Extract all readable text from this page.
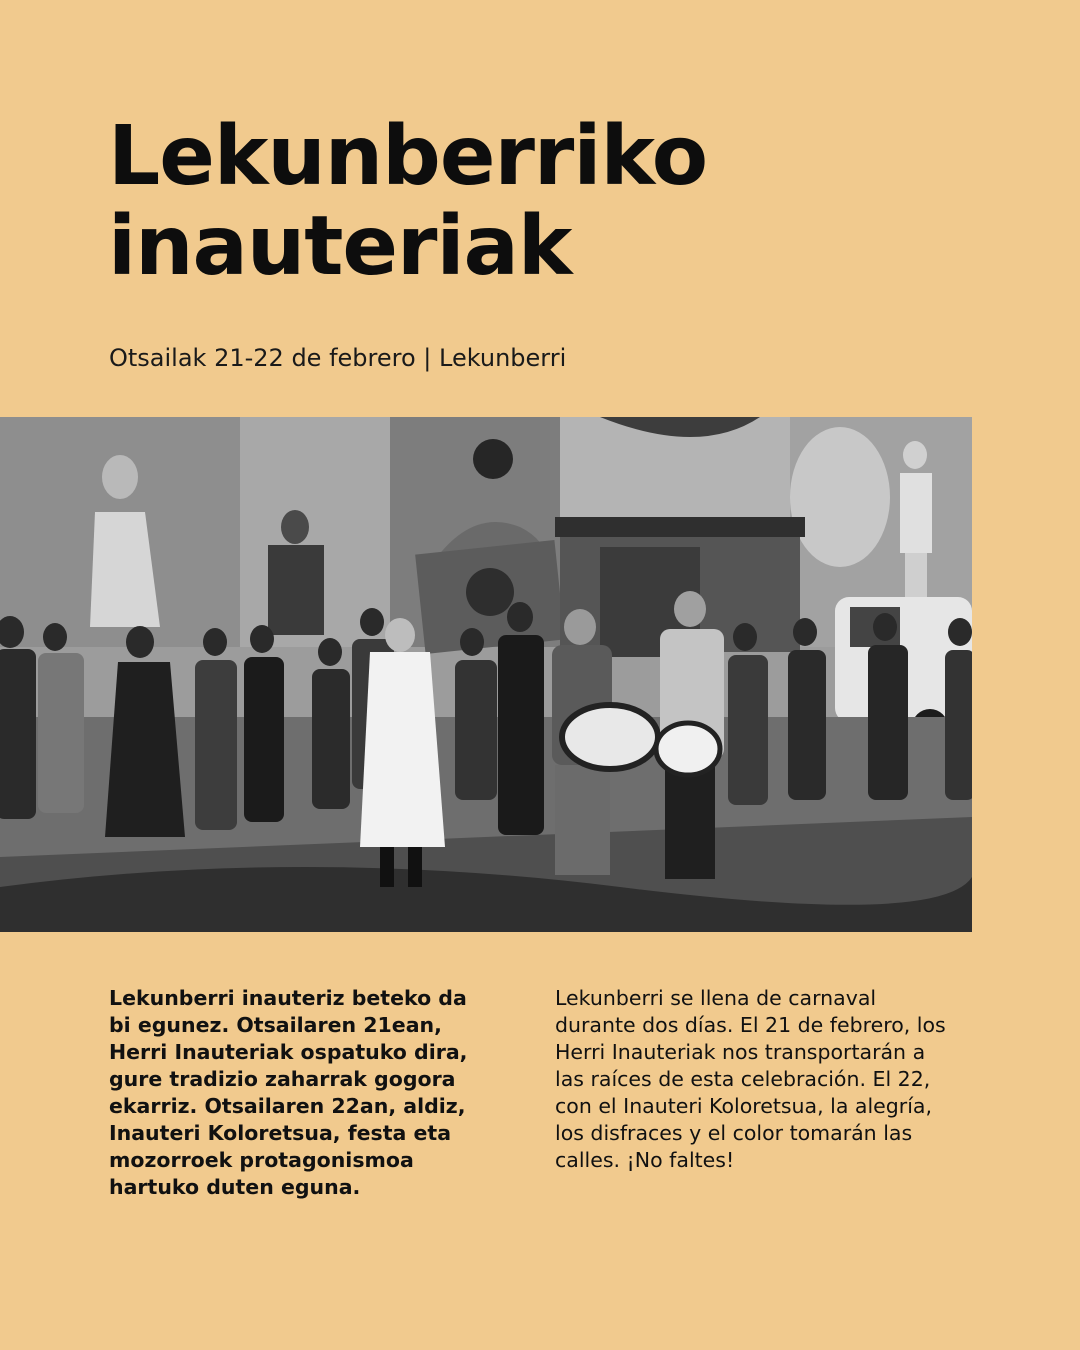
Lekunberriko
inauteriak
Otsailak 21-22 de febrero | Lekunberri

Lekunberri inauteriz beteko da bi egunez. Otsailaren 21ean, Herri Inauteriak ospatuko dira, gure tradizio zaharrak gogora ekarriz. Otsailaren 22an, aldiz, Inauteri Koloretsua, festa eta mozorroek protagonismoa hartuko duten eguna.

Lekunberri se llena de carnaval durante dos días. El 21 de febrero, los Herri Inauteriak nos transportarán a las raíces de esta celebración. El 22, con el Inauteri Koloretsua, la alegría, los disfraces y el color tomarán las calles. ¡No faltes!
